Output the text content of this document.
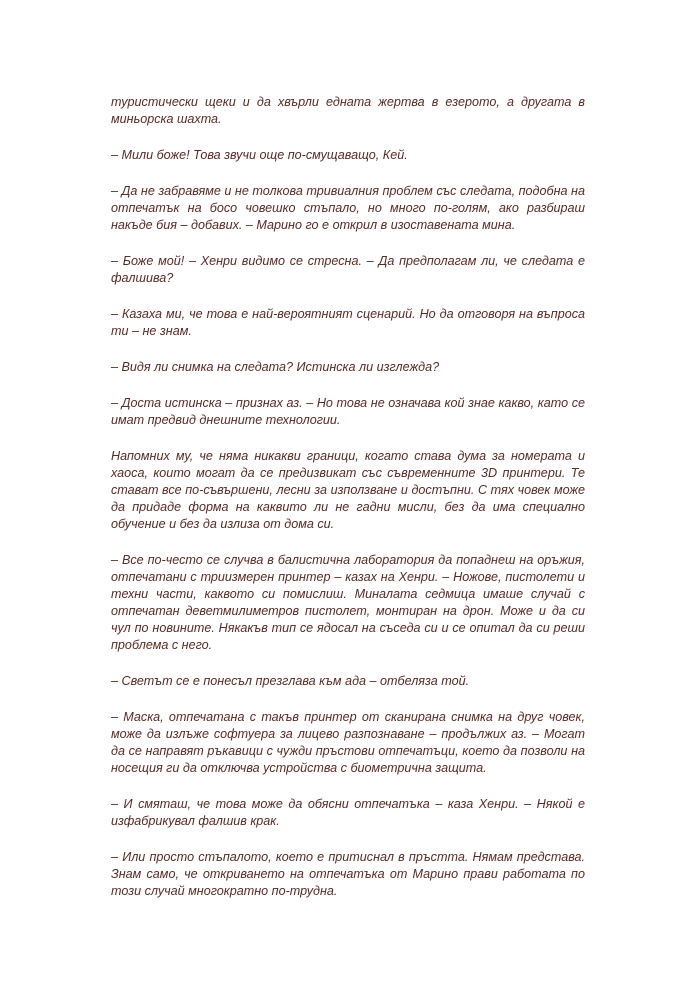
туристически щеки и да хвърли едната жертва в езерото, а другата в миньорска шахта.

– Мили боже! Това звучи още по-смущаващо, Кей.

– Да не забравяме и не толкова тривиалния проблем със следата, подобна на отпечатък на босо човешко стъпало, но много по-голям, ако разбираш накъде бия – добавих. – Марино го е открил в изоставената мина.

– Боже мой! – Хенри видимо се стресна. – Да предполагам ли, че следата е фалшива?

– Казаха ми, че това е най-вероятният сценарий. Но да отговоря на въпроса ти – не знам.

– Видя ли снимка на следата? Истинска ли изглежда?

– Доста истинска – признах аз. – Но това не означава кой знае какво, като се имат предвид днешните технологии.

Напомних му, че няма никакви граници, когато става дума за номерата и хаоса, които могат да се предизвикат със съвременните 3D принтери. Те стават все по-съвършени, лесни за използване и достъпни. С тях човек може да придаде форма на каквито ли не гадни мисли, без да има специално обучение и без да излиза от дома си.

– Все по-често се случва в балистична лаборатория да попаднеш на оръжия, отпечатани с триизмерен принтер – казах на Хенри. – Ножове, пистолети и техни части, каквото си помислиш. Миналата седмица имаше случай с отпечатан деветмилиметров пистолет, монтиран на дрон. Може и да си чул по новините. Някакъв тип се ядосал на съседа си и се опитал да си реши проблема с него.

– Светът се е понесъл презглава към ада – отбеляза той.

– Маска, отпечатана с такъв принтер от сканирана снимка на друг човек, може да излъже софтуера за лицево разпознаване – продължих аз. – Могат да се направят ръкавици с чужди пръстови отпечатъци, което да позволи на носещия ги да отключва устройства с биометрична защита.

– И смяташ, че това може да обясни отпечатъка – каза Хенри. – Някой е изфабрикувал фалшив крак.

– Или просто стъпалото, което е притиснал в пръстта. Нямам представа. Знам само, че откриването на отпечатъка от Марино прави работата по този случай многократно по-трудна.
